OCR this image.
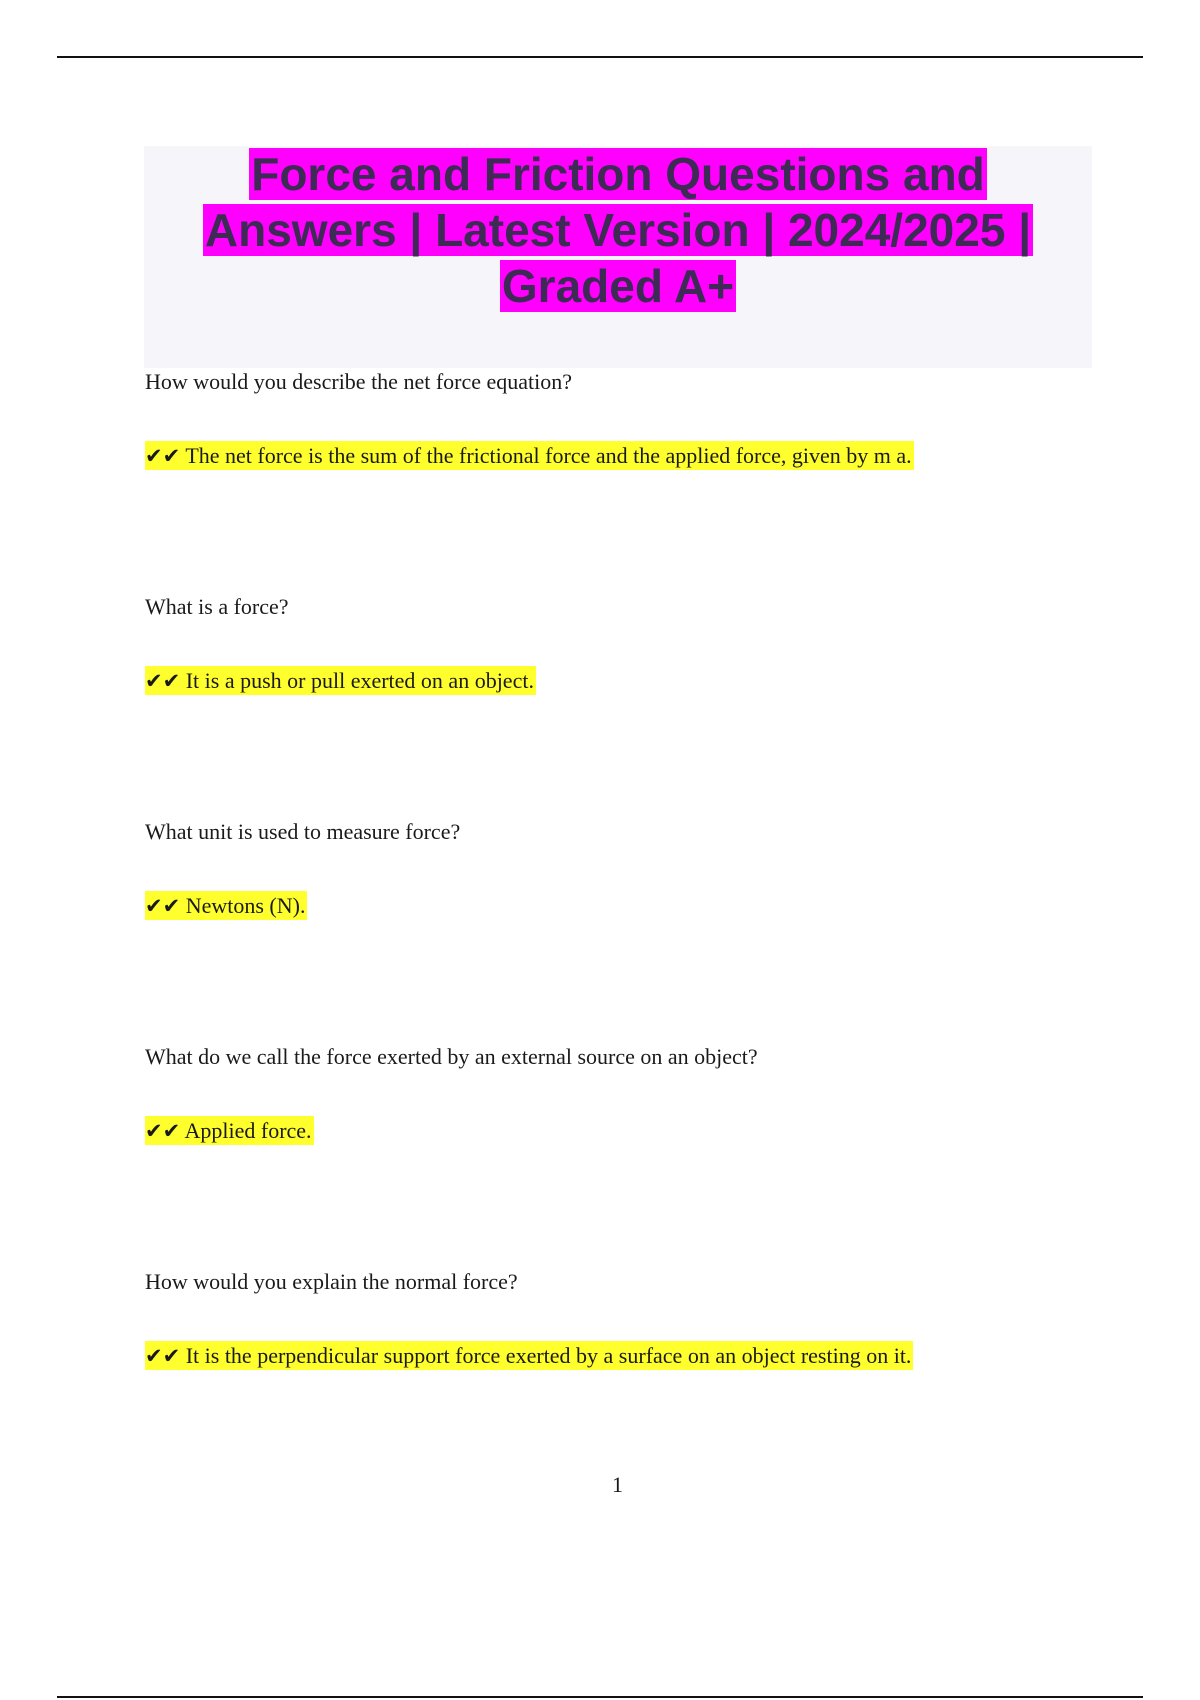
Force and Friction Questions and Answers | Latest Version | 2024/2025 | Graded A+

How would you describe the net force equation?

✔✔ The net force is the sum of the frictional force and the applied force, given by m a.

What is a force?

✔✔ It is a push or pull exerted on an object.

What unit is used to measure force?

✔✔ Newtons (N).

What do we call the force exerted by an external source on an object?

✔✔ Applied force.

How would you explain the normal force?

✔✔ It is the perpendicular support force exerted by a surface on an object resting on it.

1
